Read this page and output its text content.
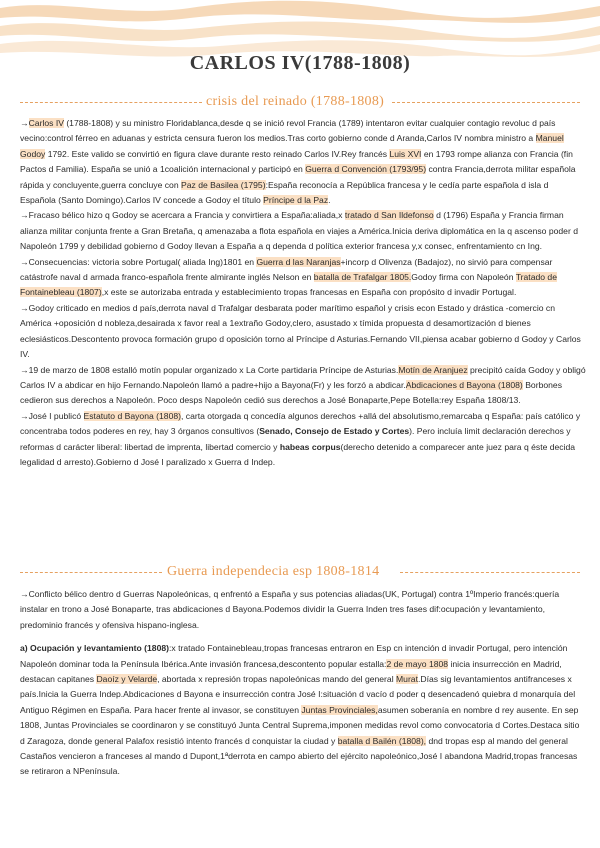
CARLOS IV(1788-1808)
crisis del reinado (1788-1808)

→Carlos IV (1788-1808) y su ministro Floridablanca,desde q se inició revol Francia (1789) intentaron evitar cualquier contagio revoluc d país vecino:control férreo en aduanas y estricta censura fueron los medios.Tras corto gobierno conde d Aranda,Carlos IV nombra ministro a Manuel Godoy 1792. Este valido se convirtió en figura clave durante resto reinado Carlos IV.Rey francés Luis XVI en 1793 rompe alianza con Francia (fin Pactos d Familia). España se unió a 1coalición internacional y participó en Guerra d Convención (1793/95) contra Francia,derrota militar española rápida y concluyente,guerra concluye con Paz de Basilea (1795):España reconocía a República francesa y le cedía parte española d isla d Española (Santo Domingo).Carlos IV concede a Godoy el título Príncipe d la Paz.

→Fracaso bélico hizo q Godoy se acercara a Francia y convirtiera a España:aliada,x tratado d San Ildefonso d (1796) España y Francia firman alianza militar conjunta frente a Gran Bretaña, q amenazaba a flota española en viajes a América.Inicia deriva diplomática en la q ascenso poder d Napoleón 1799 y debilidad gobierno d Godoy llevan a España a q dependa d política exterior francesa y,x consec, enfrentamiento cn Ing.

→Consecuencias: victoria sobre Portugal( aliada Ing)1801 en Guerra d las Naranjas+incorp d Olivenza (Badajoz), no sirvió para compensar catástrofe naval d armada franco-española frente almirante inglés Nelson en batalla de Trafalgar 1805.Godoy firma con Napoleón Tratado de Fontainebleau (1807),x este se autorizaba entrada y establecimiento tropas francesas en España con propósito d invadir Portugal.

→Godoy criticado en medios d país,derrota naval d Trafalgar desbarata poder marítimo español y crisis econ Estado y drástica -comercio cn América +oposición d nobleza,desairada x favor real a 1extraño Godoy,clero, asustado x tímida propuesta d desamortización d bienes eclesiásticos.Descontento provoca formación grupo d oposición torno al Príncipe d Asturias.Fernando VII,piensa acabar gobierno d Godoy y Carlos IV.

→19 de marzo de 1808 estalló motín popular organizado x La Corte partidaria Príncipe de Asturias.Motín de Aranjuez precipitó caída Godoy y obligó Carlos IV a abdicar en hijo Fernando.Napoleón llamó a padre+hijo a Bayona(Fr) y les forzó a abdicar.Abdicaciones d Bayona (1808) Borbones cedieron sus derechos a Napoleón. Poco desps Napoleón cedió sus derechos a José Bonaparte,Pepe Botella:rey España 1808/13.

→José I publicó Estatuto d Bayona (1808), carta otorgada q concedía algunos derechos +allá del absolutismo,remarcaba q España: país católico y concentraba todos poderes en rey, hay 3 órganos consultivos (Senado, Consejo de Estado y Cortes). Pero incluía limit declaración derechos y reformas d carácter liberal: libertad de imprenta, libertad comercio y habeas corpus(derecho detenido a comparecer ante juez para q éste decida legalidad d arresto).Gobierno d José I paralizado x Guerra d Indep.

Guerra independecia esp 1808-1814

→Conflicto bélico dentro d Guerras Napoleónicas, q enfrentó a España y sus potencias aliadas(UK, Portugal) contra 1ºImperio francés:quería instalar en trono a José Bonaparte, tras abdicaciones d Bayona.Podemos dividir la Guerra Inden tres fases dif:ocupación y levantamiento, predominio francés y ofensiva hispano-inglesa.

a) Ocupación y levantamiento (1808):x tratado Fontainebleau,tropas francesas entraron en Esp cn intención d invadir Portugal, pero intención Napoleón dominar toda la Península Ibérica.Ante invasión francesa,descontento popular estalla:2 de mayo 1808 inicia insurrección en Madrid, destacan capitanes Daoíz y Velarde, abortada x represión tropas napoleónicas mando del general Murat.Días sig levantamientos antifranceses x país.Inicia la Guerra Indep.Abdicaciones d Bayona e insurrección contra José I:situación d vacío d poder q desencadenó quiebra d monarquía del Antiguo Régimen en España. Para hacer frente al invasor, se constituyen Juntas Provinciales,asumen soberanía en nombre d rey ausente. En sep 1808, Juntas Provinciales se coordinaron y se constituyó Junta Central Suprema,imponen medidas revol como convocatoria d Cortes.Destaca sitio d Zaragoza, donde general Palafox resistió intento francés d conquistar la ciudad y batalla d Bailén (1808), dnd tropas esp al mando del general Castaños vencieron a franceses al mando d Dupont,1ªderrota en campo abierto del ejército napoleónico,José I abandona Madrid,tropas francesas se retiraron a NPenínsula.
